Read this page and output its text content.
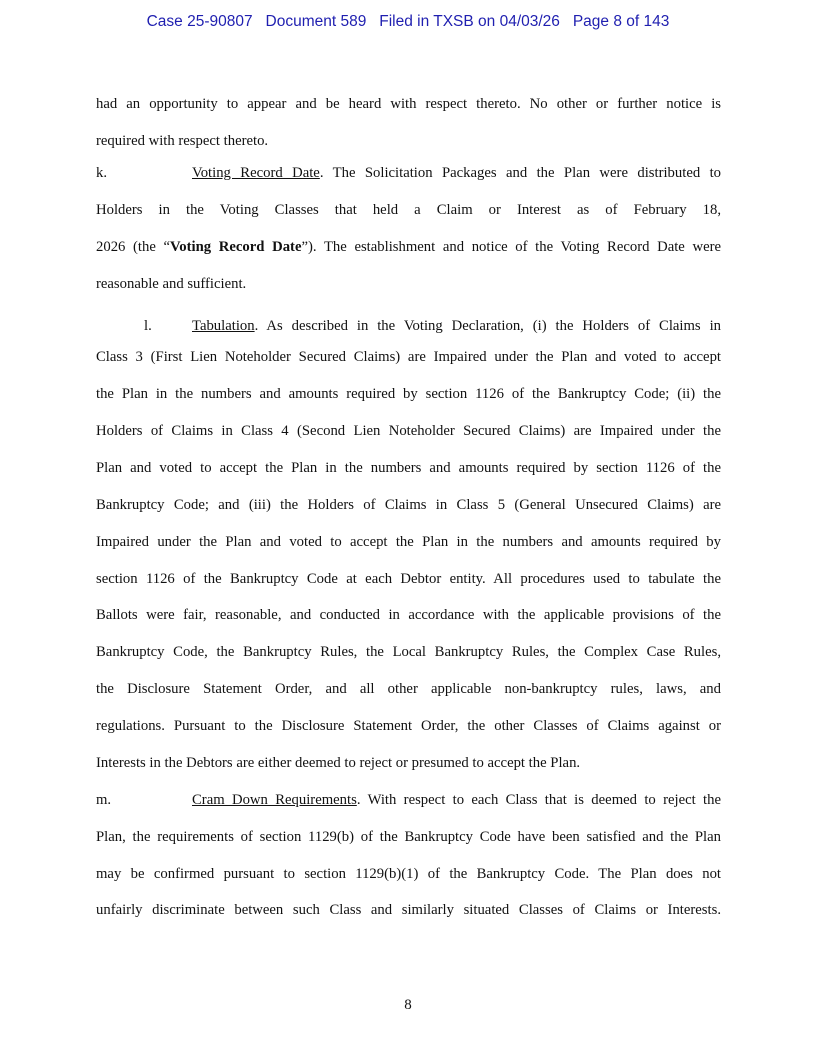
Case 25-90807   Document 589   Filed in TXSB on 04/03/26   Page 8 of 143
had an opportunity to appear and be heard with respect thereto. No other or further notice is
required with respect thereto.
k.	Voting Record Date. The Solicitation Packages and the Plan were distributed to
Holders in the Voting Classes that held a Claim or Interest as of February 18,
2026 (the “Voting Record Date”). The establishment and notice of the Voting Record Date were
reasonable and sufficient.
l.	Tabulation. As described in the Voting Declaration, (i) the Holders of Claims in
Class 3 (First Lien Noteholder Secured Claims) are Impaired under the Plan and voted to accept
the Plan in the numbers and amounts required by section 1126 of the Bankruptcy Code; (ii) the
Holders of Claims in Class 4 (Second Lien Noteholder Secured Claims) are Impaired under the
Plan and voted to accept the Plan in the numbers and amounts required by section 1126 of the
Bankruptcy Code; and (iii) the Holders of Claims in Class 5 (General Unsecured Claims) are
Impaired under the Plan and voted to accept the Plan in the numbers and amounts required by
section 1126 of the Bankruptcy Code at each Debtor entity. All procedures used to tabulate the
Ballots were fair, reasonable, and conducted in accordance with the applicable provisions of the
Bankruptcy Code, the Bankruptcy Rules, the Local Bankruptcy Rules, the Complex Case Rules,
the Disclosure Statement Order, and all other applicable non-bankruptcy rules, laws, and
regulations. Pursuant to the Disclosure Statement Order, the other Classes of Claims against or
Interests in the Debtors are either deemed to reject or presumed to accept the Plan.
m.	Cram Down Requirements. With respect to each Class that is deemed to reject the
Plan, the requirements of section 1129(b) of the Bankruptcy Code have been satisfied and the Plan
may be confirmed pursuant to section 1129(b)(1) of the Bankruptcy Code. The Plan does not
unfairly discriminate between such Class and similarly situated Classes of Claims or Interests.
8
